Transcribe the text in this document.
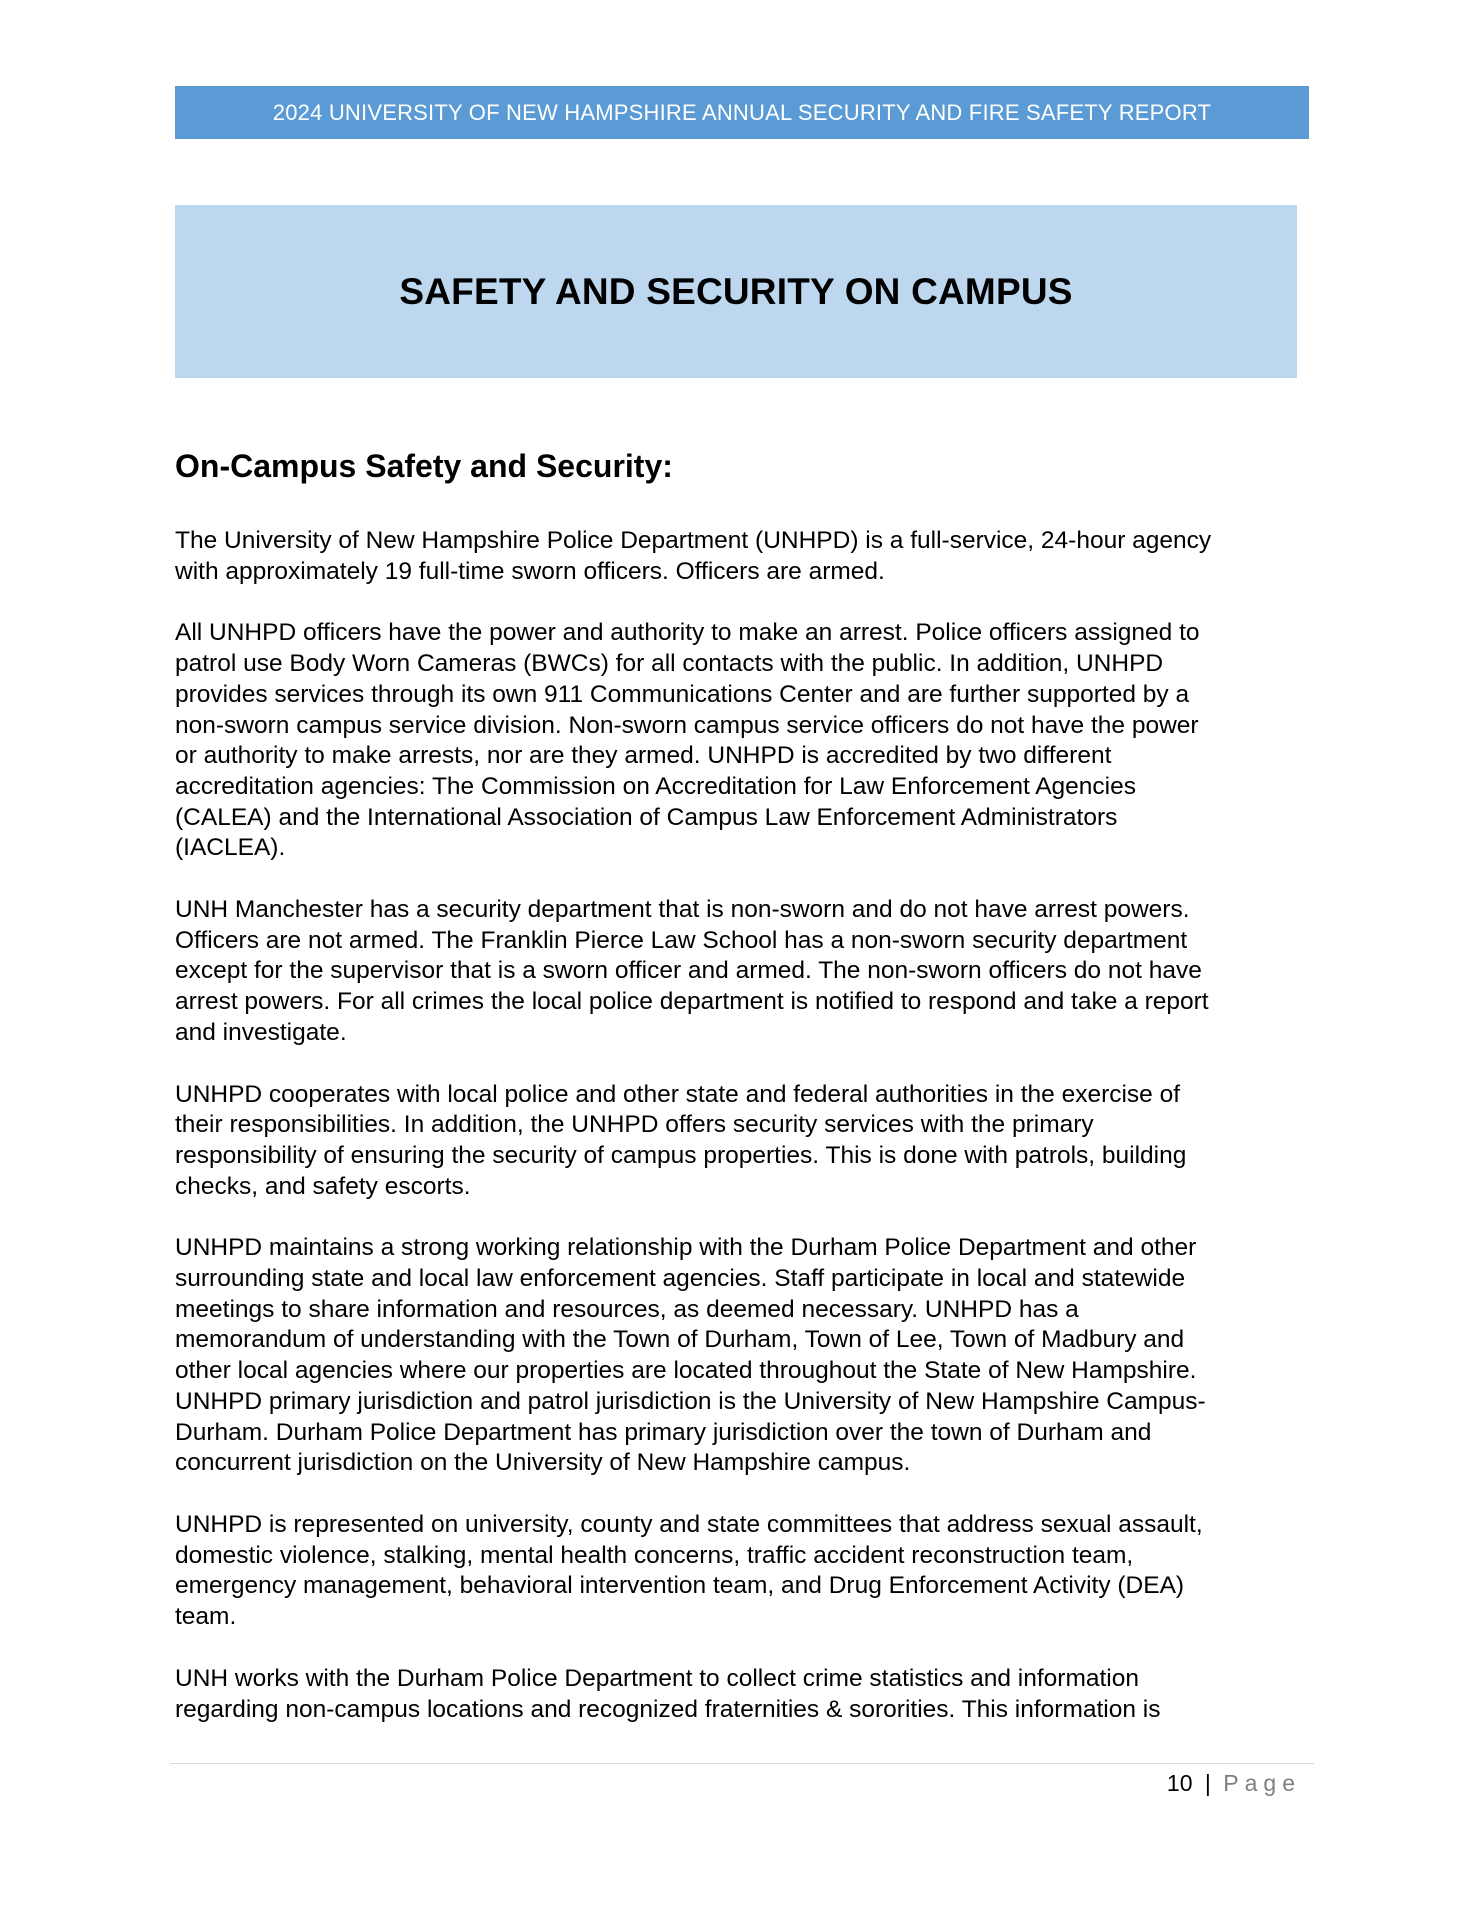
2024 UNIVERSITY OF NEW HAMPSHIRE ANNUAL SECURITY AND FIRE SAFETY REPORT
SAFETY AND SECURITY ON CAMPUS
On-Campus Safety and Security:

The University of New Hampshire Police Department (UNHPD) is a full-service, 24-hour agency
with approximately 19 full-time sworn officers. Officers are armed.

All UNHPD officers have the power and authority to make an arrest. Police officers assigned to
patrol use Body Worn Cameras (BWCs) for all contacts with the public. In addition, UNHPD
provides services through its own 911 Communications Center and are further supported by a
non-sworn campus service division. Non-sworn campus service officers do not have the power
or authority to make arrests, nor are they armed. UNHPD is accredited by two different
accreditation agencies: The Commission on Accreditation for Law Enforcement Agencies
(CALEA) and the International Association of Campus Law Enforcement Administrators
(IACLEA).

UNH Manchester has a security department that is non-sworn and do not have arrest powers.
Officers are not armed. The Franklin Pierce Law School has a non-sworn security department
except for the supervisor that is a sworn officer and armed. The non-sworn officers do not have
arrest powers. For all crimes the local police department is notified to respond and take a report
and investigate.

UNHPD cooperates with local police and other state and federal authorities in the exercise of
their responsibilities. In addition, the UNHPD offers security services with the primary
responsibility of ensuring the security of campus properties. This is done with patrols, building
checks, and safety escorts.

UNHPD maintains a strong working relationship with the Durham Police Department and other
surrounding state and local law enforcement agencies. Staff participate in local and statewide
meetings to share information and resources, as deemed necessary. UNHPD has a
memorandum of understanding with the Town of Durham, Town of Lee, Town of Madbury and
other local agencies where our properties are located throughout the State of New Hampshire.
UNHPD primary jurisdiction and patrol jurisdiction is the University of New Hampshire Campus-
Durham. Durham Police Department has primary jurisdiction over the town of Durham and
concurrent jurisdiction on the University of New Hampshire campus.

UNHPD is represented on university, county and state committees that address sexual assault,
domestic violence, stalking, mental health concerns, traffic accident reconstruction team,
emergency management, behavioral intervention team, and Drug Enforcement Activity (DEA)
team.

UNH works with the Durham Police Department to collect crime statistics and information
regarding non-campus locations and recognized fraternities & sororities. This information is

10 | Page
